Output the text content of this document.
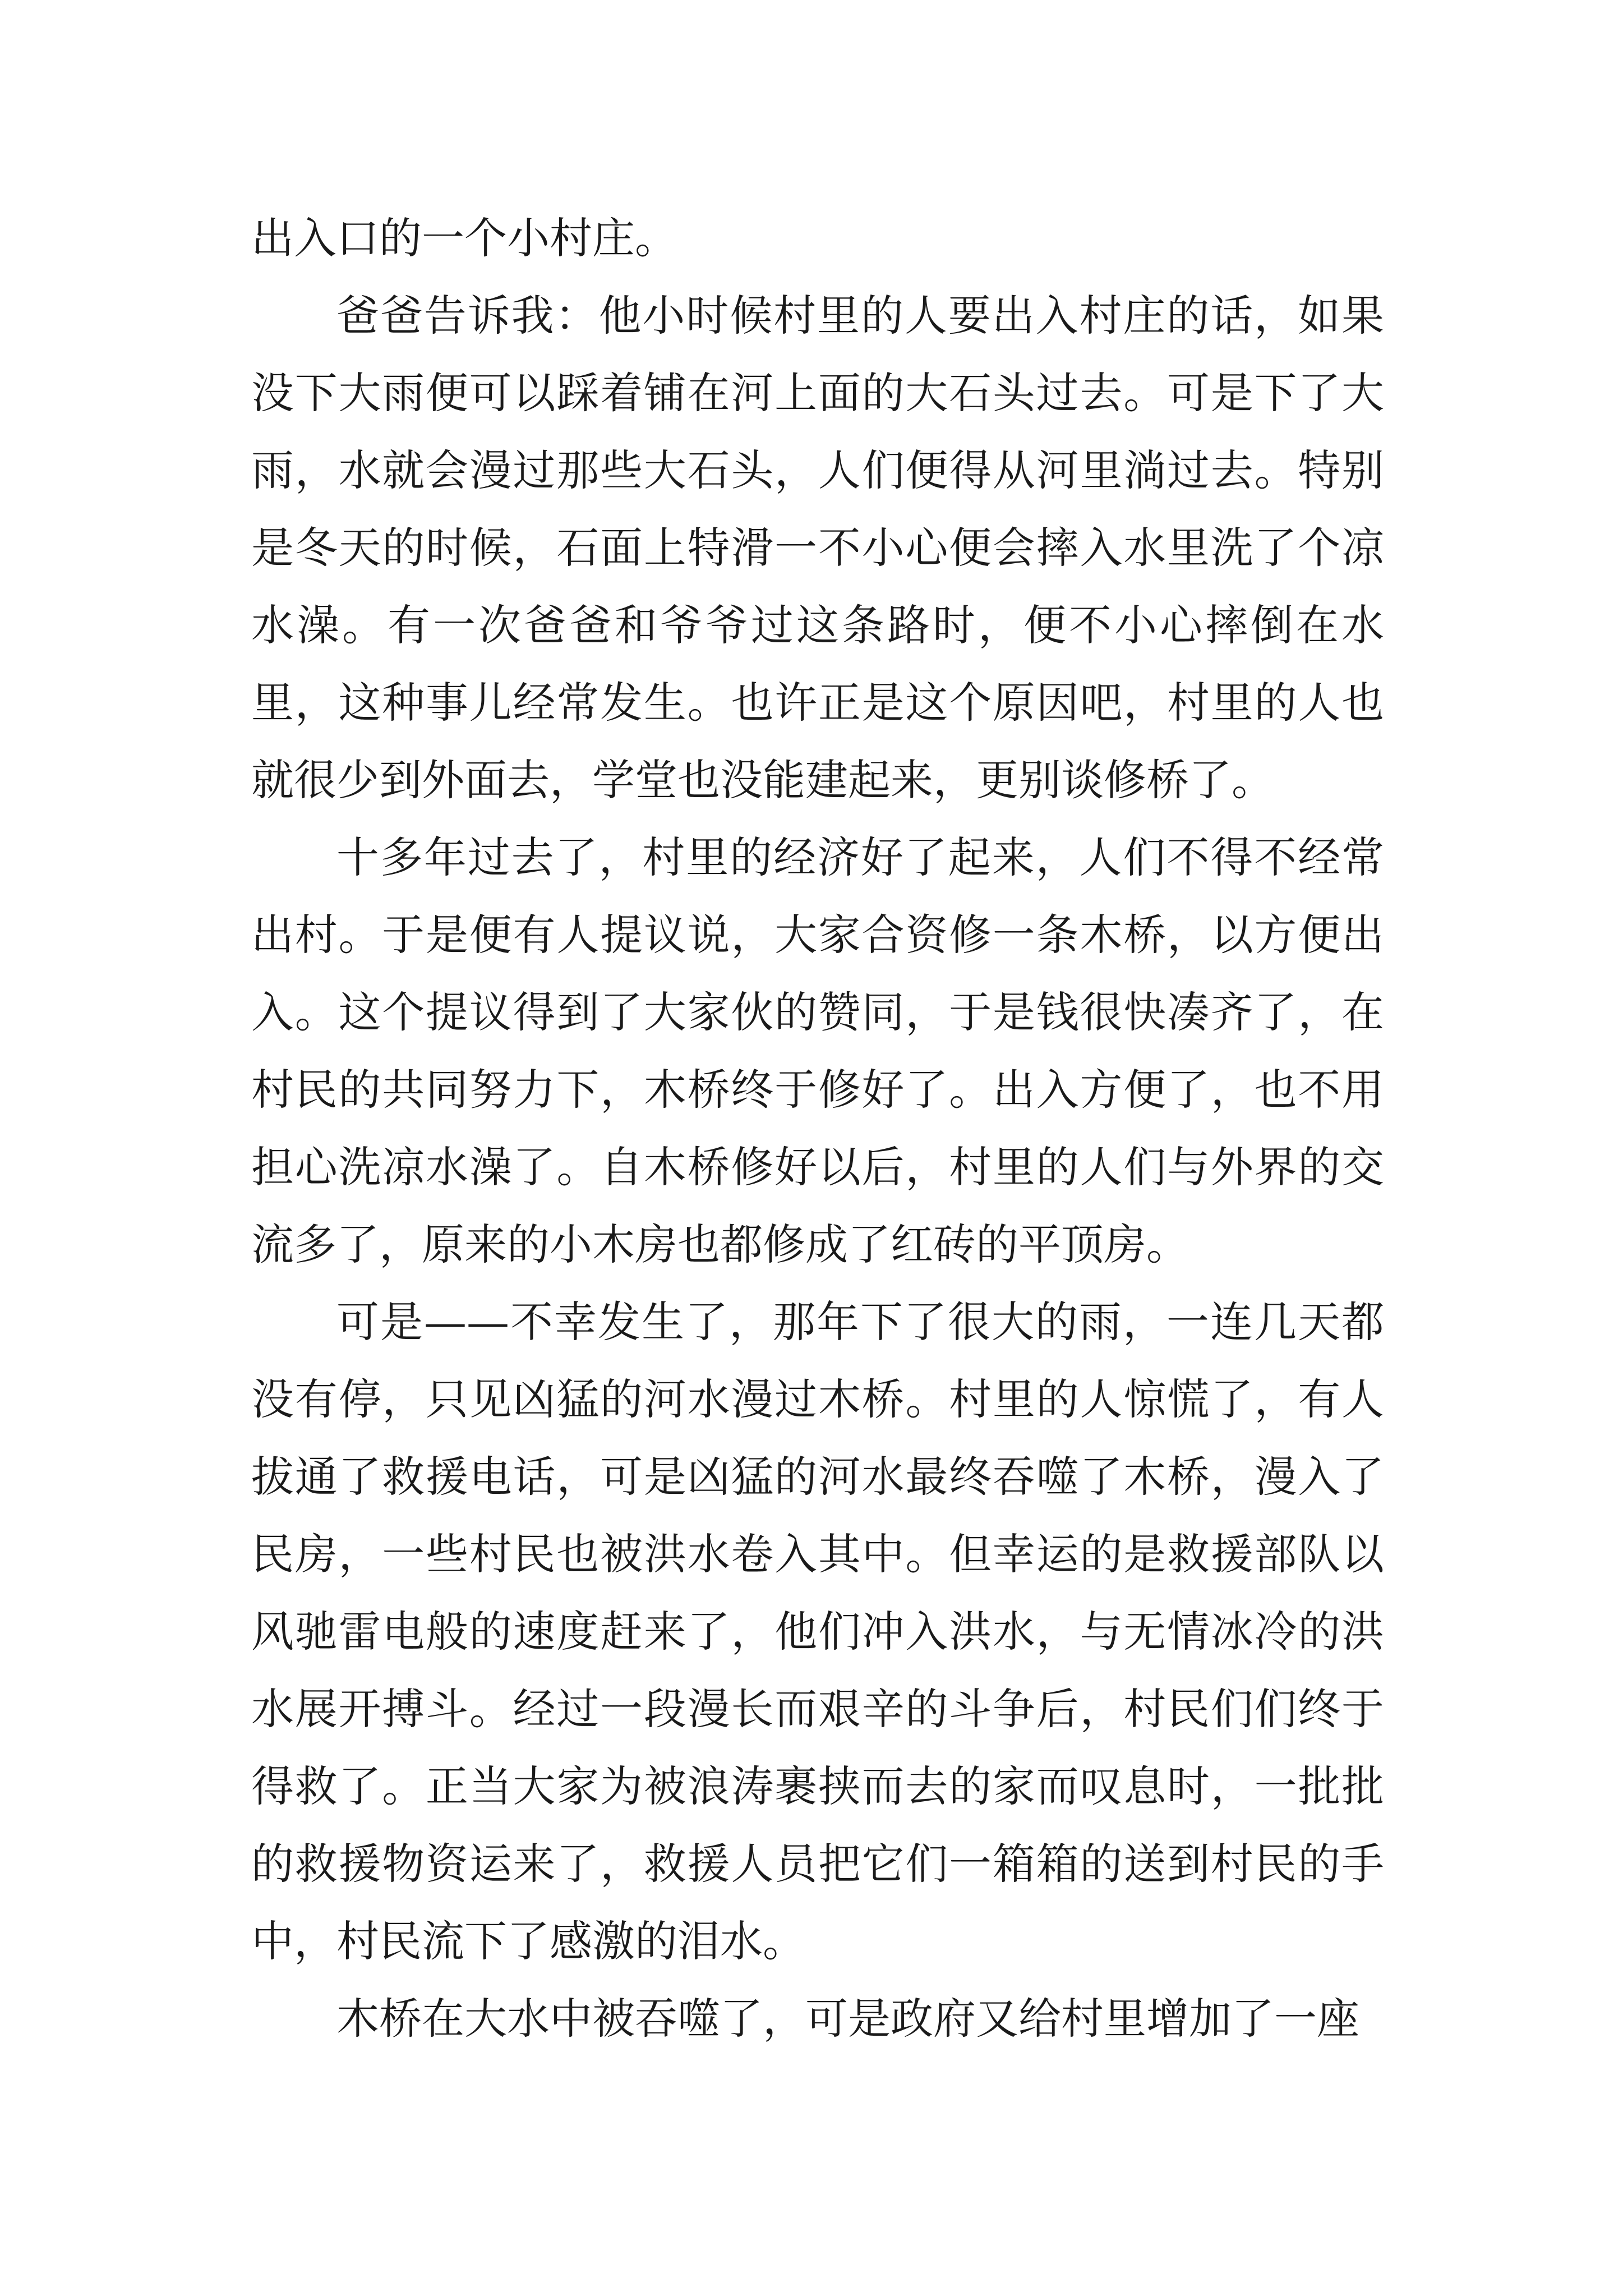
出入口的一个小村庄。

爸爸告诉我：他小时候村里的人要出入村庄的话，如果没下大雨便可以踩着铺在河上面的大石头过去。可是下了大雨，水就会漫过那些大石头，人们便得从河里淌过去。特别是冬天的时候，石面上特滑一不小心便会摔入水里洗了个凉水澡。有一次爸爸和爷爷过这条路时，便不小心摔倒在水里，这种事儿经常发生。也许正是这个原因吧，村里的人也就很少到外面去，学堂也没能建起来，更别谈修桥了。

十多年过去了，村里的经济好了起来，人们不得不经常出村。于是便有人提议说，大家合资修一条木桥，以方便出入。这个提议得到了大家伙的赞同，于是钱很快凑齐了，在村民的共同努力下，木桥终于修好了。出入方便了，也不用担心洗凉水澡了。自木桥修好以后，村里的人们与外界的交流多了，原来的小木房也都修成了红砖的平顶房。

可是——不幸发生了，那年下了很大的雨，一连几天都没有停，只见凶猛的河水漫过木桥。村里的人惊慌了，有人拔通了救援电话，可是凶猛的河水最终吞噬了木桥，漫入了民房，一些村民也被洪水卷入其中。但幸运的是救援部队以风驰雷电般的速度赶来了，他们冲入洪水，与无情冰冷的洪水展开搏斗。经过一段漫长而艰辛的斗争后，村民们们终于得救了。正当大家为被浪涛裹挟而去的家而叹息时，一批批的救援物资运来了，救援人员把它们一箱箱的送到村民的手中，村民流下了感激的泪水。

木桥在大水中被吞噬了，可是政府又给村里增加了一座
